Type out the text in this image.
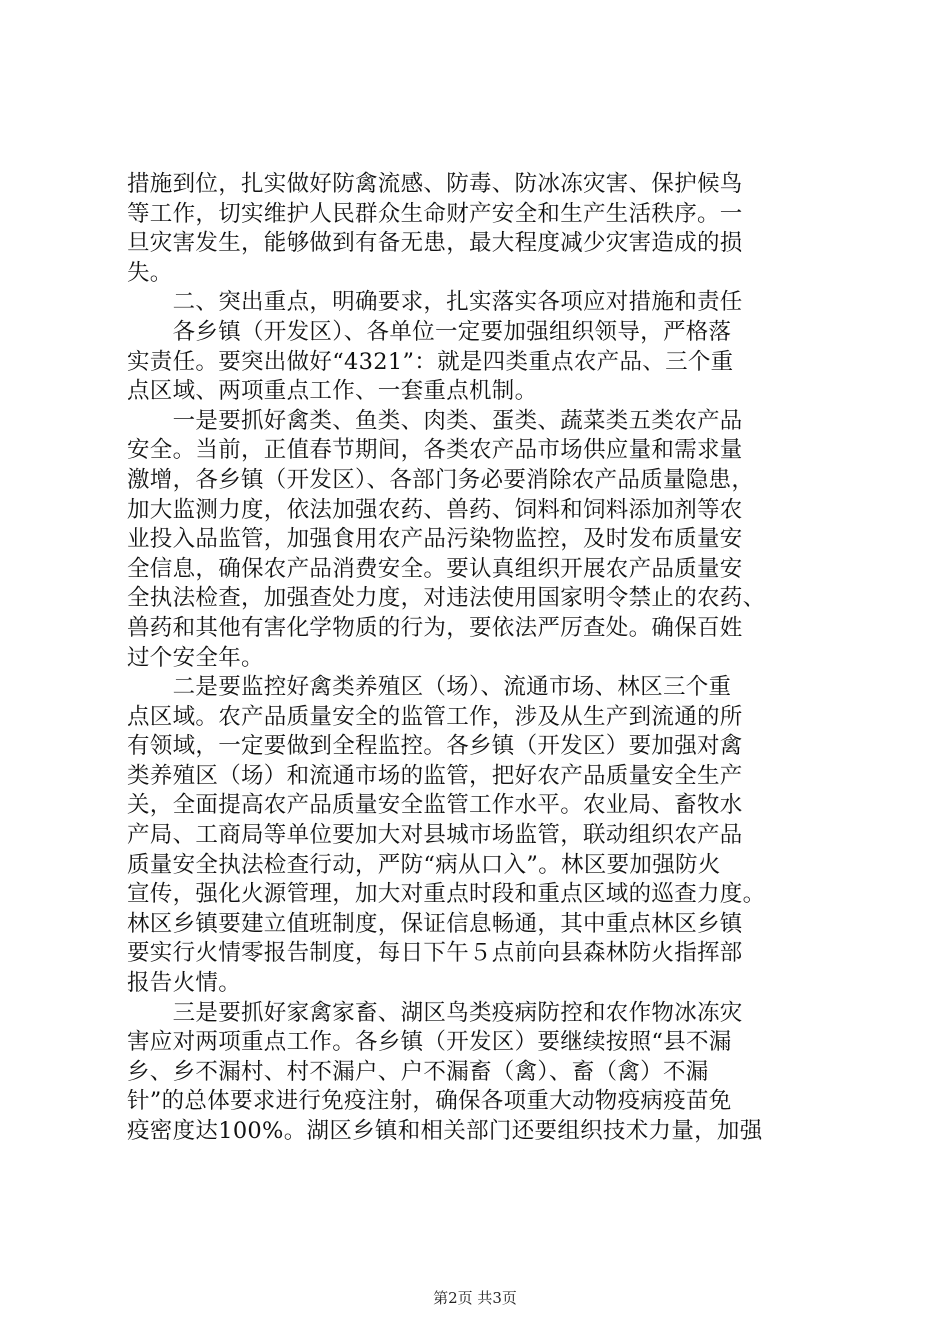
措施到位，扎实做好防禽流感、防毒、防冰冻灾害、保护候鸟
等工作，切实维护人民群众生命财产安全和生产生活秩序。一
旦灾害发生，能够做到有备无患，最大程度减少灾害造成的损
失。
　　二、突出重点，明确要求，扎实落实各项应对措施和责任
　　各乡镇（开发区）、各单位一定要加强组织领导，严格落
实责任。要突出做好“4321”：就是四类重点农产品、三个重
点区域、两项重点工作、一套重点机制。
　　一是要抓好禽类、鱼类、肉类、蛋类、蔬菜类五类农产品
安全。当前，正值春节期间，各类农产品市场供应量和需求量
激增，各乡镇（开发区）、各部门务必要消除农产品质量隐患，
加大监测力度，依法加强农药、兽药、饲料和饲料添加剂等农
业投入品监管，加强食用农产品污染物监控，及时发布质量安
全信息，确保农产品消费安全。要认真组织开展农产品质量安
全执法检查，加强查处力度，对违法使用国家明令禁止的农药、
兽药和其他有害化学物质的行为，要依法严厉查处。确保百姓
过个安全年。
　　二是要监控好禽类养殖区（场）、流通市场、林区三个重
点区域。农产品质量安全的监管工作，涉及从生产到流通的所
有领域，一定要做到全程监控。各乡镇（开发区）要加强对禽
类养殖区（场）和流通市场的监管，把好农产品质量安全生产
关，全面提高农产品质量安全监管工作水平。农业局、畜牧水
产局、工商局等单位要加大对县城市场监管，联动组织农产品
质量安全执法检查行动，严防“病从口入”。林区要加强防火
宣传，强化火源管理，加大对重点时段和重点区域的巡查力度。
林区乡镇要建立值班制度，保证信息畅通，其中重点林区乡镇
要实行火情零报告制度，每日下午５点前向县森林防火指挥部
报告火情。
　　三是要抓好家禽家畜、湖区鸟类疫病防控和农作物冰冻灾
害应对两项重点工作。各乡镇（开发区）要继续按照“县不漏
乡、乡不漏村、村不漏户、户不漏畜（禽）、畜（禽）不漏
针”的总体要求进行免疫注射，确保各项重大动物疫病疫苗免
疫密度达100%。湖区乡镇和相关部门还要组织技术力量，加强
第2页 共3页
